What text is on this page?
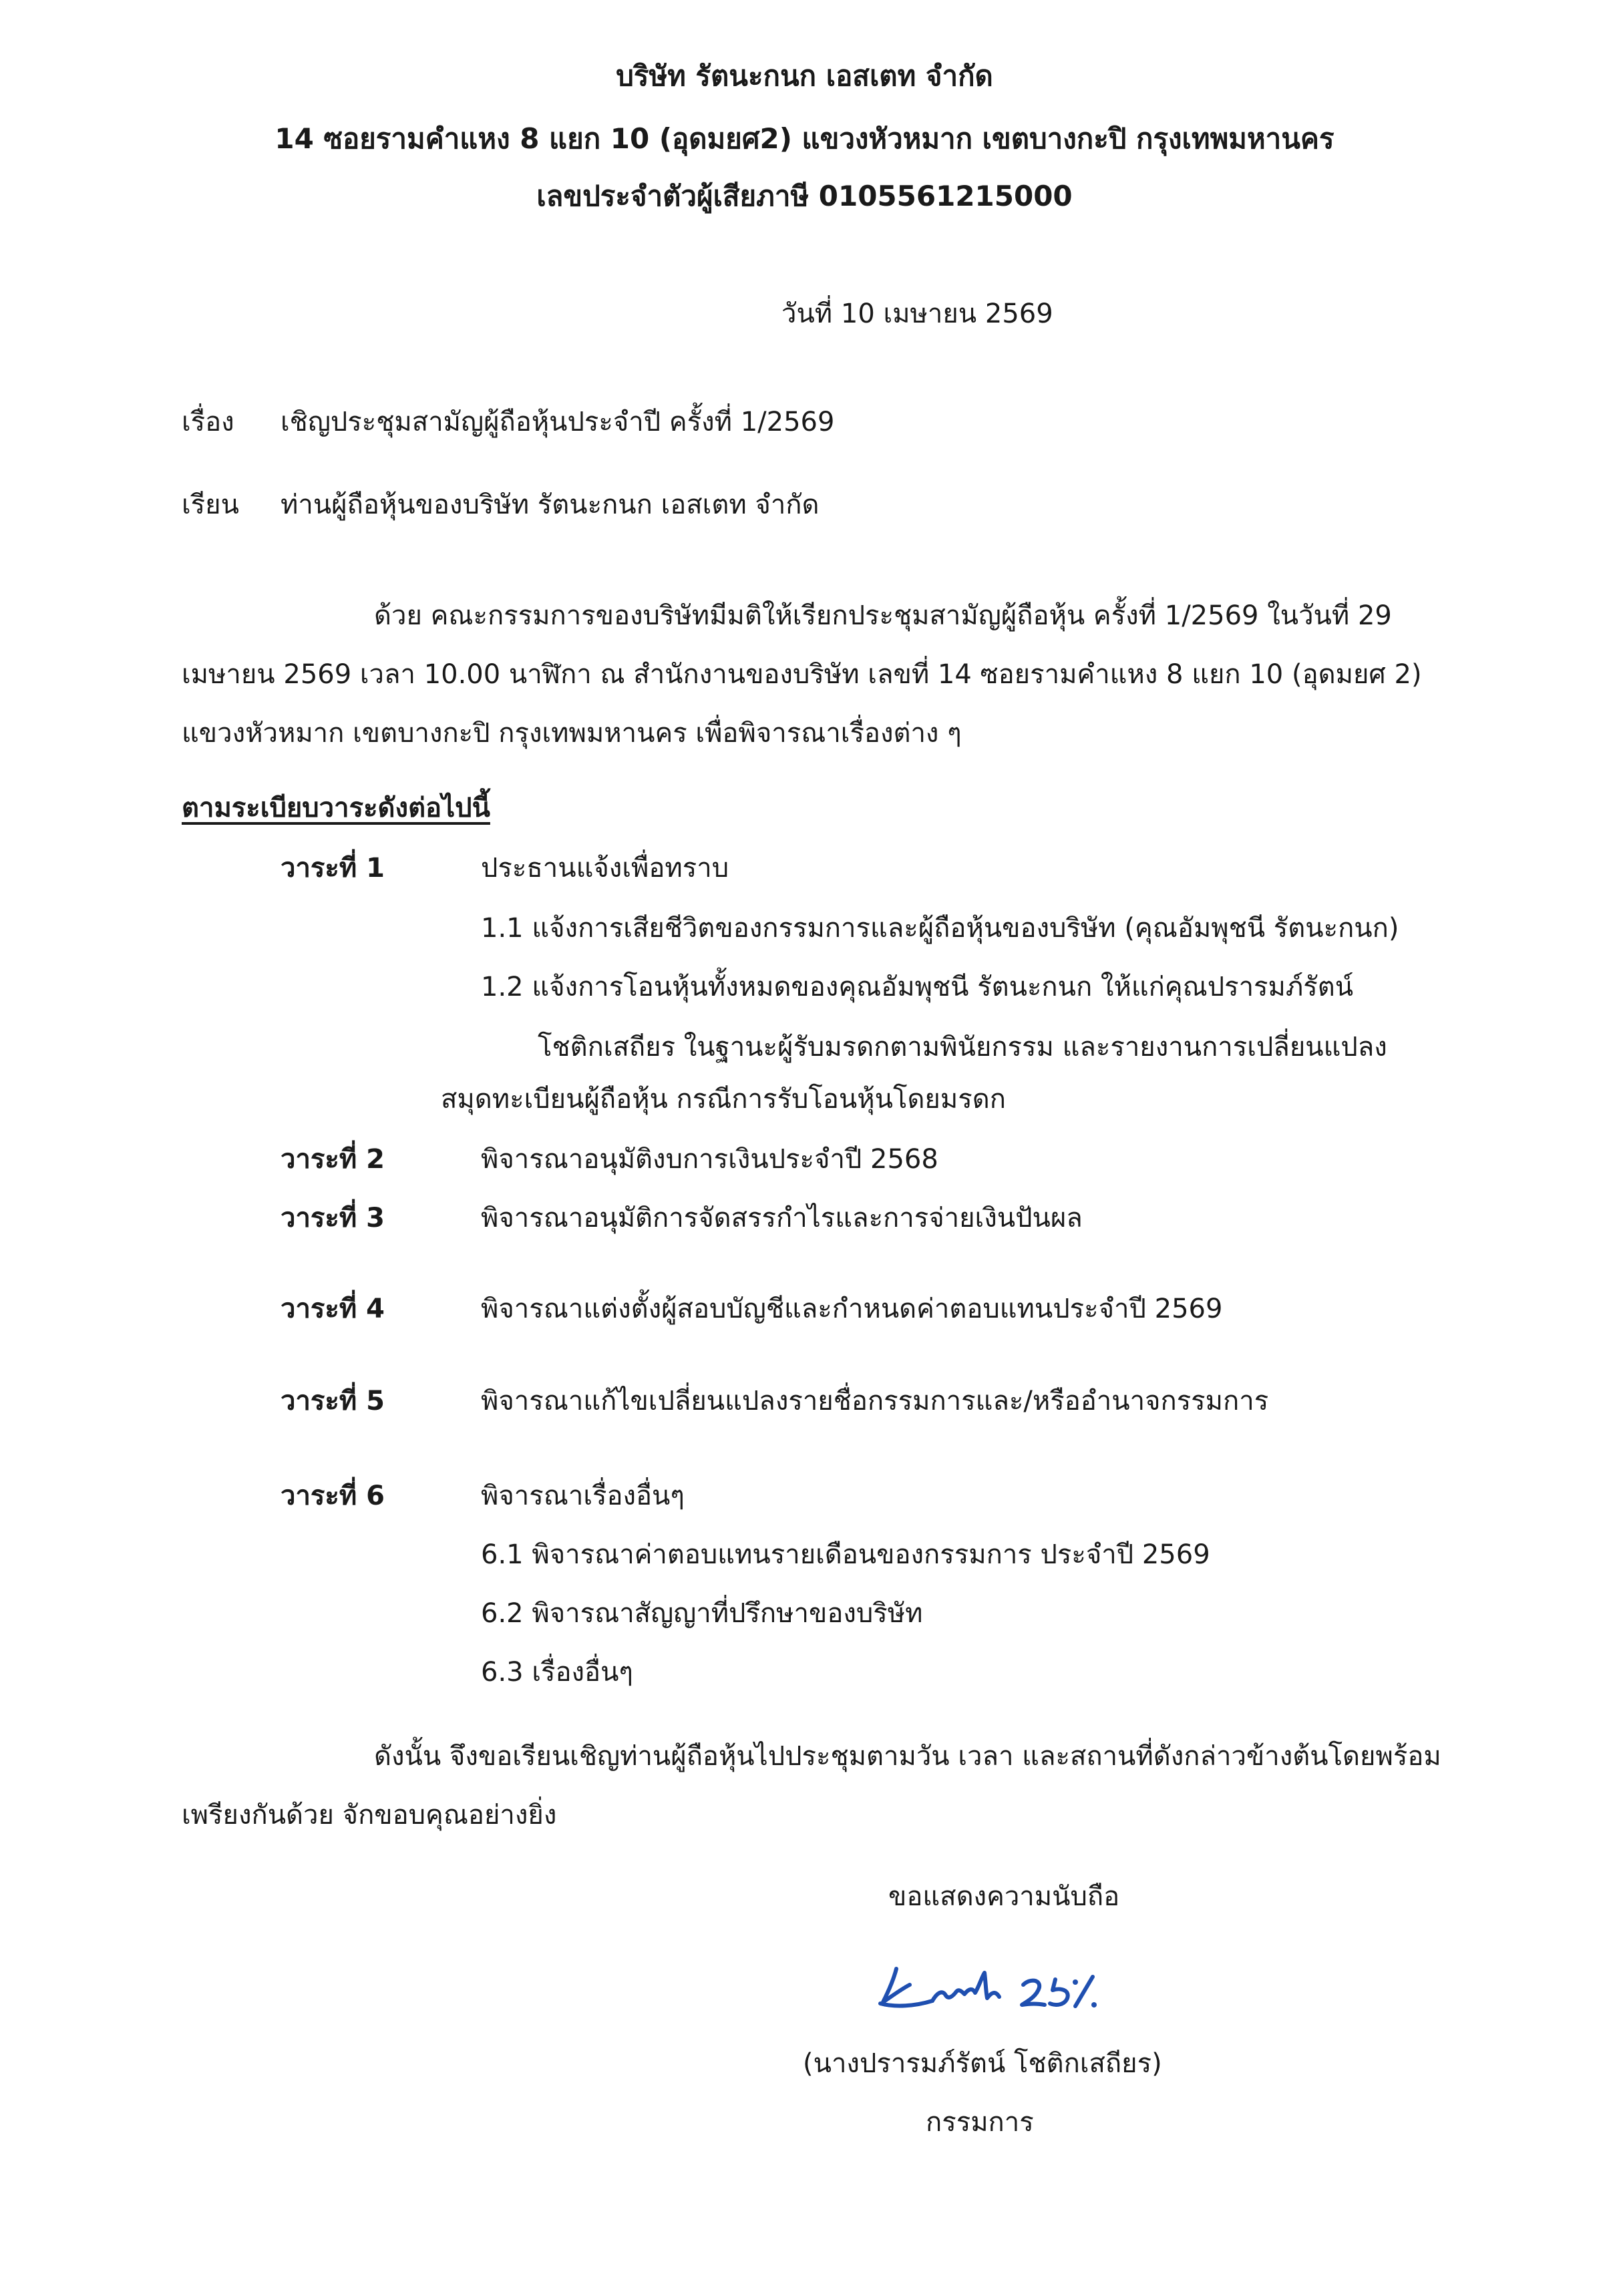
บริษัท รัตนะกนก เอสเตท จำกัด
14 ซอยรามคำแหง 8 แยก 10 (อุดมยศ2) แขวงหัวหมาก เขตบางกะปิ กรุงเทพมหานคร
เลขประจำตัวผู้เสียภาษี 0105561215000
วันที่ 10 เมษายน 2569
เรื่อง เชิญประชุมสามัญผู้ถือหุ้นประจำปี ครั้งที่ 1/2569
เรียน ท่านผู้ถือหุ้นของบริษัท รัตนะกนก เอสเตท จำกัด
ด้วย คณะกรรมการของบริษัทมีมติให้เรียกประชุมสามัญผู้ถือหุ้น ครั้งที่ 1/2569 ในวันที่ 29
เมษายน 2569 เวลา 10.00 นาฬิกา ณ สำนักงานของบริษัท เลขที่ 14 ซอยรามคำแหง 8 แยก 10 (อุดมยศ 2)
แขวงหัวหมาก เขตบางกะปิ กรุงเทพมหานคร เพื่อพิจารณาเรื่องต่าง ๆ
ตามระเบียบวาระดังต่อไปนี้
วาระที่ 1	ประธานแจ้งเพื่อทราบ
1.1 แจ้งการเสียชีวิตของกรรมการและผู้ถือหุ้นของบริษัท (คุณอัมพุชนี รัตนะกนก)
1.2 แจ้งการโอนหุ้นทั้งหมดของคุณอัมพุชนี รัตนะกนก ให้แก่คุณปรารมภ์รัตน์
โชติกเสถียร ในฐานะผู้รับมรดกตามพินัยกรรม และรายงานการเปลี่ยนแปลง
สมุดทะเบียนผู้ถือหุ้น กรณีการรับโอนหุ้นโดยมรดก
วาระที่ 2	พิจารณาอนุมัติงบการเงินประจำปี 2568
วาระที่ 3	พิจารณาอนุมัติการจัดสรรกำไรและการจ่ายเงินปันผล
วาระที่ 4	พิจารณาแต่งตั้งผู้สอบบัญชีและกำหนดค่าตอบแทนประจำปี 2569
วาระที่ 5	พิจารณาแก้ไขเปลี่ยนแปลงรายชื่อกรรมการและ/หรืออำนาจกรรมการ
วาระที่ 6	พิจารณาเรื่องอื่นๆ
6.1 พิจารณาค่าตอบแทนรายเดือนของกรรมการ ประจำปี 2569
6.2 พิจารณาสัญญาที่ปรึกษาของบริษัท
6.3 เรื่องอื่นๆ
ดังนั้น จึงขอเรียนเชิญท่านผู้ถือหุ้นไปประชุมตามวัน เวลา และสถานที่ดังกล่าวข้างต้นโดยพร้อม
เพรียงกันด้วย จักขอบคุณอย่างยิ่ง
ขอแสดงความนับถือ
(นางปรารมภ์รัตน์ โชติกเสถียร)
กรรมการ
